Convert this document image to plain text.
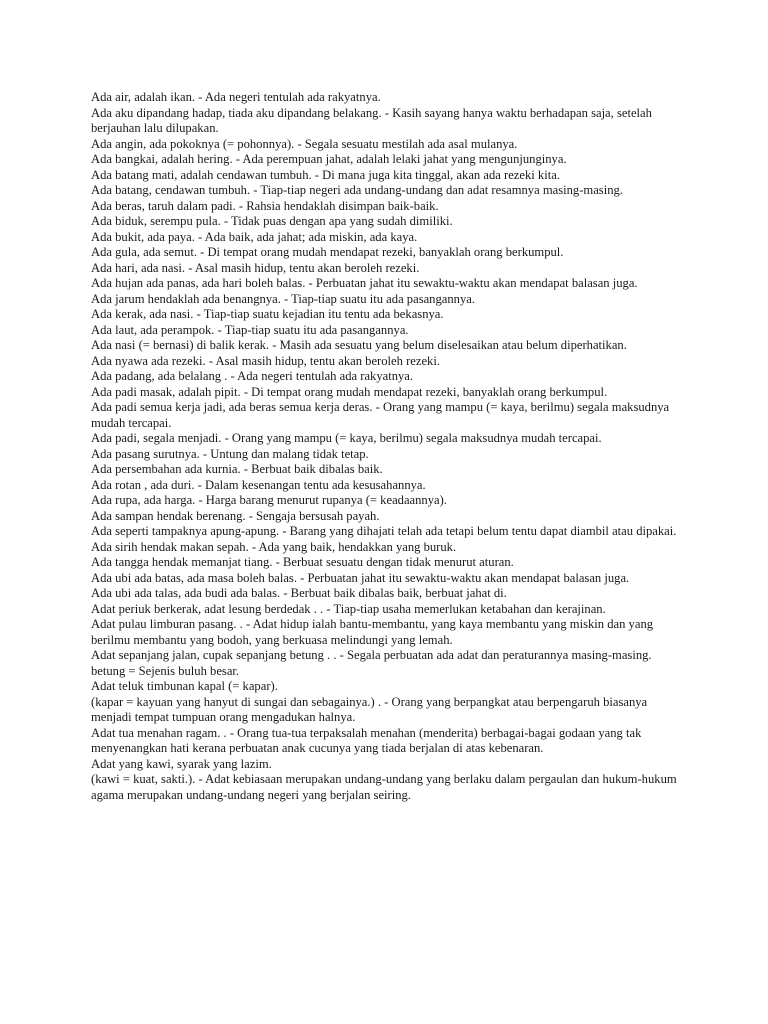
Ada air, adalah ikan. - Ada negeri tentulah ada rakyatnya.

Ada aku dipandang hadap, tiada aku dipandang belakang. - Kasih sayang hanya waktu berhadapan saja, setelah berjauhan lalu dilupakan.

Ada angin, ada pokoknya (= pohonnya). - Segala sesuatu mestilah ada asal mulanya.

Ada bangkai, adalah hering. - Ada perempuan jahat, adalah lelaki jahat yang mengunjunginya.

Ada batang mati, adalah cendawan tumbuh. - Di mana juga kita tinggal, akan ada rezeki kita.

Ada batang, cendawan tumbuh. - Tiap-tiap negeri ada undang-undang dan adat resamnya masing-masing.

Ada beras, taruh dalam padi. - Rahsia hendaklah disimpan baik-baik.

Ada biduk, serempu pula. - Tidak puas dengan apa yang sudah dimiliki.

Ada bukit, ada paya. - Ada baik, ada jahat; ada miskin, ada kaya.

Ada gula, ada semut. - Di tempat orang mudah mendapat rezeki, banyaklah orang berkumpul.

Ada hari, ada nasi. - Asal masih hidup, tentu akan beroleh rezeki.

Ada hujan ada panas, ada hari boleh balas. - Perbuatan jahat itu sewaktu-waktu akan mendapat balasan juga.

Ada jarum hendaklah ada benangnya. - Tiap-tiap suatu itu ada pasangannya.

Ada kerak, ada nasi. - Tiap-tiap suatu kejadian itu tentu ada bekasnya.

Ada laut, ada perampok. - Tiap-tiap suatu itu ada pasangannya.

Ada nasi (= bernasi) di balik kerak. - Masih ada sesuatu yang belum diselesaikan atau belum diperhatikan.

Ada nyawa ada rezeki. - Asal masih hidup, tentu akan beroleh rezeki.

Ada padang, ada belalang . - Ada negeri tentulah ada rakyatnya.

Ada padi masak, adalah pipit. - Di tempat orang mudah mendapat rezeki, banyaklah orang berkumpul.

Ada padi semua kerja jadi, ada beras semua kerja deras. - Orang yang mampu (= kaya, berilmu) segala maksudnya mudah tercapai.

Ada padi, segala menjadi. - Orang yang mampu (= kaya, berilmu) segala maksudnya mudah tercapai.

Ada pasang surutnya. - Untung dan malang tidak tetap.

Ada persembahan ada kurnia. - Berbuat baik dibalas baik.

Ada rotan , ada duri. - Dalam kesenangan tentu ada kesusahannya.

Ada rupa, ada harga. - Harga barang menurut rupanya (= keadaannya).

Ada sampan hendak berenang. - Sengaja bersusah payah.

Ada seperti tampaknya apung-apung. - Barang yang dihajati telah ada tetapi belum tentu dapat diambil atau dipakai.

Ada sirih hendak makan sepah. - Ada yang baik, hendakkan yang buruk.

Ada tangga hendak memanjat tiang. - Berbuat sesuatu dengan tidak menurut aturan.

Ada ubi ada batas, ada masa boleh balas. - Perbuatan jahat itu sewaktu-waktu akan mendapat balasan juga.

Ada ubi ada talas, ada budi ada balas. - Berbuat baik dibalas baik, berbuat jahat di.

Adat periuk berkerak, adat lesung berdedak . . - Tiap-tiap usaha memerlukan ketabahan dan kerajinan.

Adat pulau limburan pasang. . - Adat hidup ialah bantu-membantu, yang kaya membantu yang miskin dan yang berilmu membantu yang bodoh, yang berkuasa melindungi yang lemah.

Adat sepanjang jalan, cupak sepanjang betung . . - Segala perbuatan ada adat dan peraturannya masing-masing. betung = Sejenis buluh besar.

Adat teluk timbunan kapal (= kapar).

(kapar = kayuan yang hanyut di sungai dan sebagainya.) . - Orang yang berpangkat atau berpengaruh biasanya menjadi tempat tumpuan orang mengadukan halnya.

Adat tua menahan ragam. . - Orang tua-tua terpaksalah menahan (menderita) berbagai-bagai godaan yang tak menyenangkan hati kerana perbuatan anak cucunya yang tiada berjalan di atas kebenaran.

Adat yang kawi, syarak yang lazim.

(kawi = kuat, sakti.). - Adat kebiasaan merupakan undang-undang yang berlaku dalam pergaulan dan hukum-hukum agama merupakan undang-undang negeri yang berjalan seiring.
